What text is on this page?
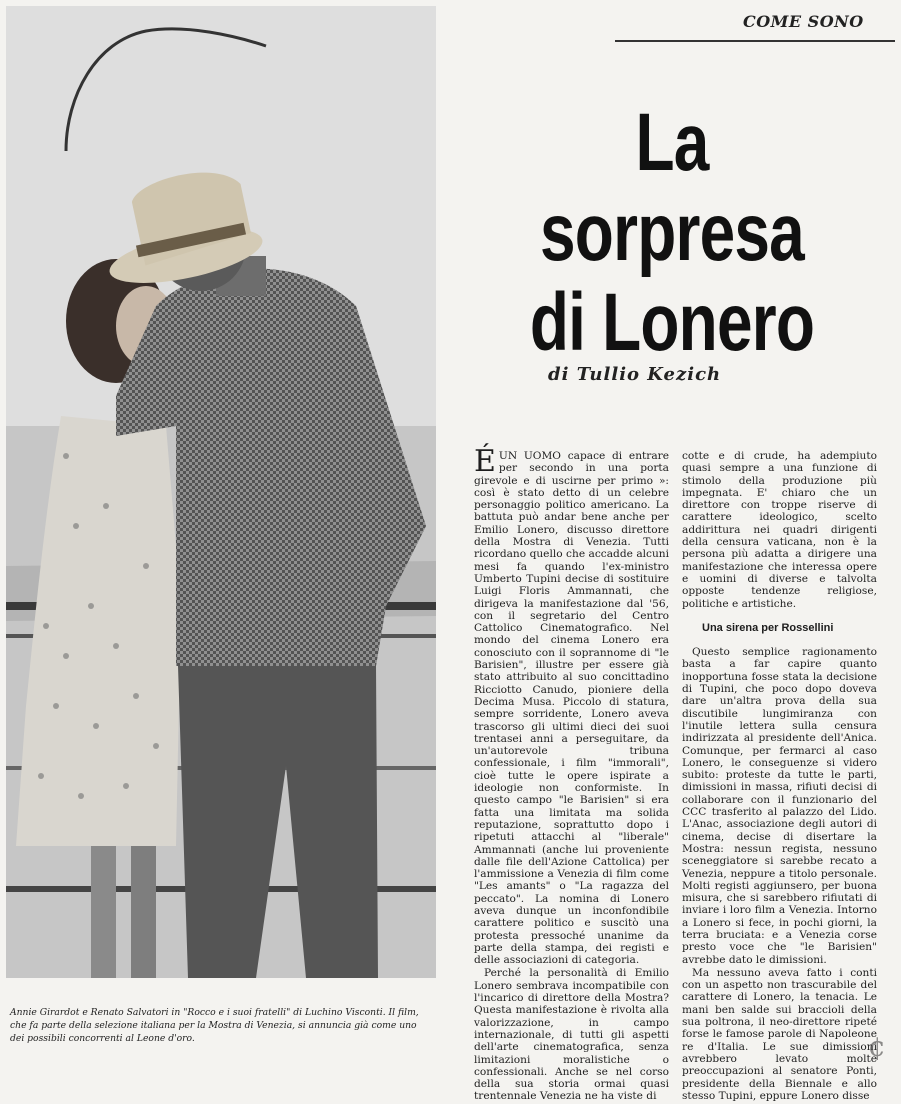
Annie Girardot e Renato Salvatori in "Rocco e i suoi fratelli" di Luchino Visconti. Il film, che fa parte della selezione italiana per la Mostra di Venezia, si annuncia già come uno dei possibili concorrenti al Leone d'oro.
COME SONO
La sorpresa
di Lonero
di Tullio Kezich

ÉUN UOMO capace di entrare per secondo in una porta girevole e di uscirne per primo »: così è stato detto di un celebre personaggio politico americano. La battuta può andar bene anche per Emilio Lonero, discusso direttore della Mostra di Venezia. Tutti ricordano quello che accadde alcuni mesi fa quando l'ex-ministro Umberto Tupini decise di sostituire Luigi Floris Ammannati, che dirigeva la manifestazione dal '56, con il segretario del Centro Cattolico Cinematografico. Nel mondo del cinema Lonero era conosciuto con il soprannome di "le Barisien", illustre per essere già stato attribuito al suo concittadino Ricciotto Canudo, pioniere della Decima Musa. Piccolo di statura, sempre sorridente, Lonero aveva trascorso gli ultimi dieci dei suoi trentasei anni a perseguitare, da un'autorevole tribuna confessionale, i film "immorali", cioè tutte le opere ispirate a ideologie non conformiste. In questo campo "le Barisien" si era fatta una limitata ma solida reputazione, soprattutto dopo i ripetuti attacchi al "liberale" Ammannati (anche lui proveniente dalle file dell'Azione Cattolica) per l'ammissione a Venezia di film come "Les amants" o "La ragazza del peccato". La nomina di Lonero aveva dunque un inconfondibile carattere politico e suscitò una protesta pressoché unanime da parte della stampa, dei registi e delle associazioni di categoria.

Perché la personalità di Emilio Lonero sembrava incompatibile con l'incarico di direttore della Mostra? Questa manifestazione è rivolta alla valorizzazione, in campo internazionale, di tutti gli aspetti dell'arte cinematografica, senza limitazioni moralistiche o confessionali. Anche se nel corso della sua storia ormai quasi trentennale Venezia ne ha viste di

cotte e di crude, ha adempiuto quasi sempre a una funzione di stimolo della produzione più impegnata. E' chiaro che un direttore con troppe riserve di carattere ideologico, scelto addirittura nei quadri dirigenti della censura vaticana, non è la persona più adatta a dirigere una manifestazione che interessa opere e uomini di diverse e talvolta opposte tendenze religiose, politiche e artistiche.

Una sirena per Rossellini

Questo semplice ragionamento basta a far capire quanto inopportuna fosse stata la decisione di Tupini, che poco dopo doveva dare un'altra prova della sua discutibile lungimiranza con l'inutile lettera sulla censura indirizzata al presidente dell'Anica. Comunque, per fermarci al caso Lonero, le conseguenze si videro subito: proteste da tutte le parti, dimissioni in massa, rifiuti decisi di collaborare con il funzionario del CCC trasferito al palazzo del Lido. L'Anac, associazione degli autori di cinema, decise di disertare la Mostra: nessun regista, nessuno sceneggiatore si sarebbe recato a Venezia, neppure a titolo personale. Molti registi aggiunsero, per buona misura, che si sarebbero rifiutati di inviare i loro film a Venezia. Intorno a Lonero si fece, in pochi giorni, la terra bruciata: e a Venezia corse presto voce che "le Barisien" avrebbe dato le dimissioni.

Ma nessuno aveva fatto i conti con un aspetto non trascurabile del carattere di Lonero, la tenacia. Le mani ben salde sui braccioli della sua poltrona, il neo-direttore ripeté forse le famose parole di Napoleone re d'Italia. Le sue dimissioni avrebbero levato molte preoccupazioni al senatore Ponti, presidente della Biennale e allo stesso Tupini, eppure Lonero disse

¢
